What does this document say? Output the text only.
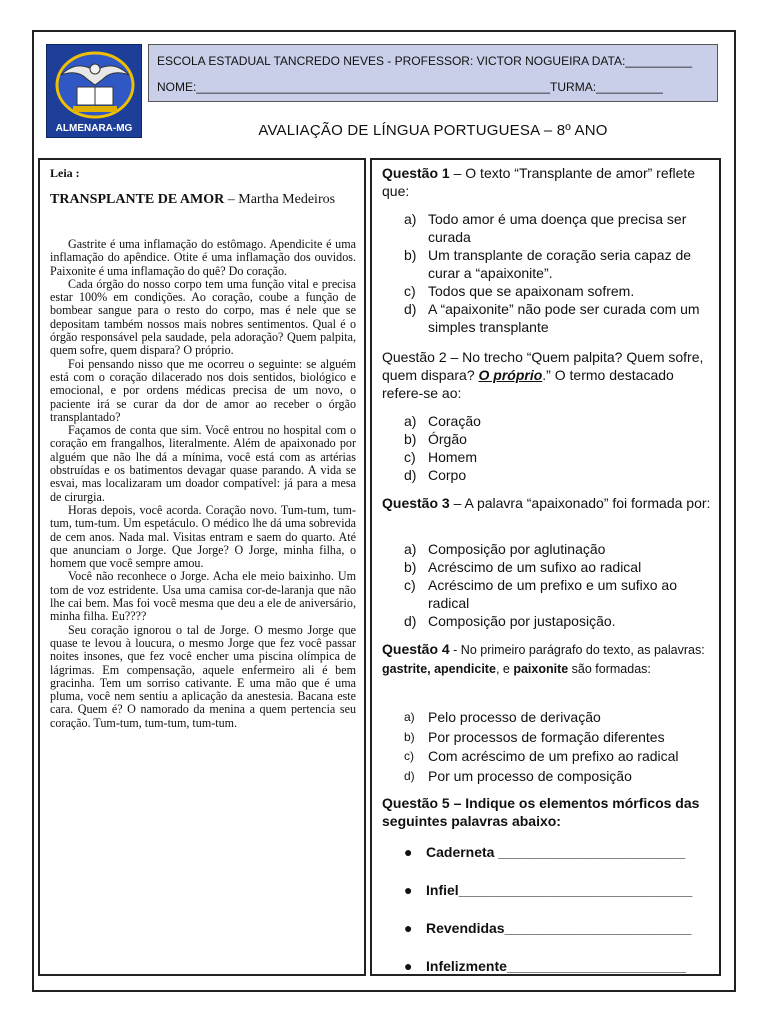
ALMENARA-MG
ESCOLA ESTADUAL TANCREDO NEVES - PROFESSOR: VICTOR NOGUEIRA DATA:__________
NOME:_____________________________________________________TURMA:__________
AVALIAÇÃO DE LÍNGUA PORTUGUESA – 8º ANO
Leia :
TRANSPLANTE DE AMOR – Martha Medeiros

Gastrite é uma inflamação do estômago. Apendicite é uma inflamação do apêndice. Otite é uma inflamação dos ouvidos. Paixonite é uma inflamação do quê? Do coração.

Cada órgão do nosso corpo tem uma função vital e precisa estar 100% em condições. Ao coração, coube a função de bombear sangue para o resto do corpo, mas é nele que se depositam também nossos mais nobres sentimentos. Qual é o órgão responsável pela saudade, pela adoração? Quem palpita, quem sofre, quem dispara? O próprio.

Foi pensando nisso que me ocorreu o seguinte: se alguém está com o coração dilacerado nos dois sentidos, biológico e emocional, e por ordens médicas precisa de um novo, o paciente irá se curar da dor de amor ao receber o órgão transplantado?

Façamos de conta que sim. Você entrou no hospital com o coração em frangalhos, literalmente. Além de apaixonado por alguém que não lhe dá a mínima, você está com as artérias obstruídas e os batimentos devagar quase parando. A vida se esvai, mas localizaram um doador compatível: já para a mesa de cirurgia.

Horas depois, você acorda. Coração novo. Tum-tum, tum-tum, tum-tum. Um espetáculo. O médico lhe dá uma sobrevida de cem anos. Nada mal. Visitas entram e saem do quarto. Até que anunciam o Jorge. Que Jorge? O Jorge, minha filha, o homem que você sempre amou.

Você não reconhece o Jorge. Acha ele meio baixinho. Um tom de voz estridente. Usa uma camisa cor-de-laranja que não lhe cai bem. Mas foi você mesma que deu a ele de aniversário, minha filha. Eu????

Seu coração ignorou o tal de Jorge. O mesmo Jorge que quase te levou à loucura, o mesmo Jorge que fez você passar noites insones, que fez você encher uma piscina olímpica de lágrimas. Em compensação, aquele enfermeiro ali é bem gracinha. Tem um sorriso cativante. E uma mão que é uma pluma, você nem sentiu a aplicação da anestesia. Bacana este cara. Quem é? O namorado da menina a quem pertencia seu coração. Tum-tum, tum-tum, tum-tum.

Questão 1 – O texto “Transplante de amor” reflete que:
a) Todo amor é uma doença que precisa ser curada
b) Um transplante de coração seria capaz de curar a “apaixonite”.
c) Todos que se apaixonam sofrem.
d) A “apaixonite” não pode ser curada com um simples transplante
Questão 2 – No trecho “Quem palpita? Quem sofre, quem dispara? O próprio.” O termo destacado refere-se ao:
a) Coração
b) Órgão
c) Homem
d) Corpo
Questão 3 – A palavra “apaixonado” foi formada por:
a) Composição por aglutinação
b) Acréscimo de um sufixo ao radical
c) Acréscimo de um prefixo e um sufixo ao radical
d) Composição por justaposição.
Questão 4 - No primeiro parágrafo do texto, as palavras: gastrite, apendicite, e paixonite são formadas:
a) Pelo processo de derivação
b) Por processos de formação diferentes
c) Com acréscimo de um prefixo ao radical
d) Por um processo de composição
Questão 5 – Indique os elementos mórficos das seguintes palavras abaixo:
● Caderneta ________________________
● Infiel______________________________
● Revendidas________________________
● Infelizmente_______________________
